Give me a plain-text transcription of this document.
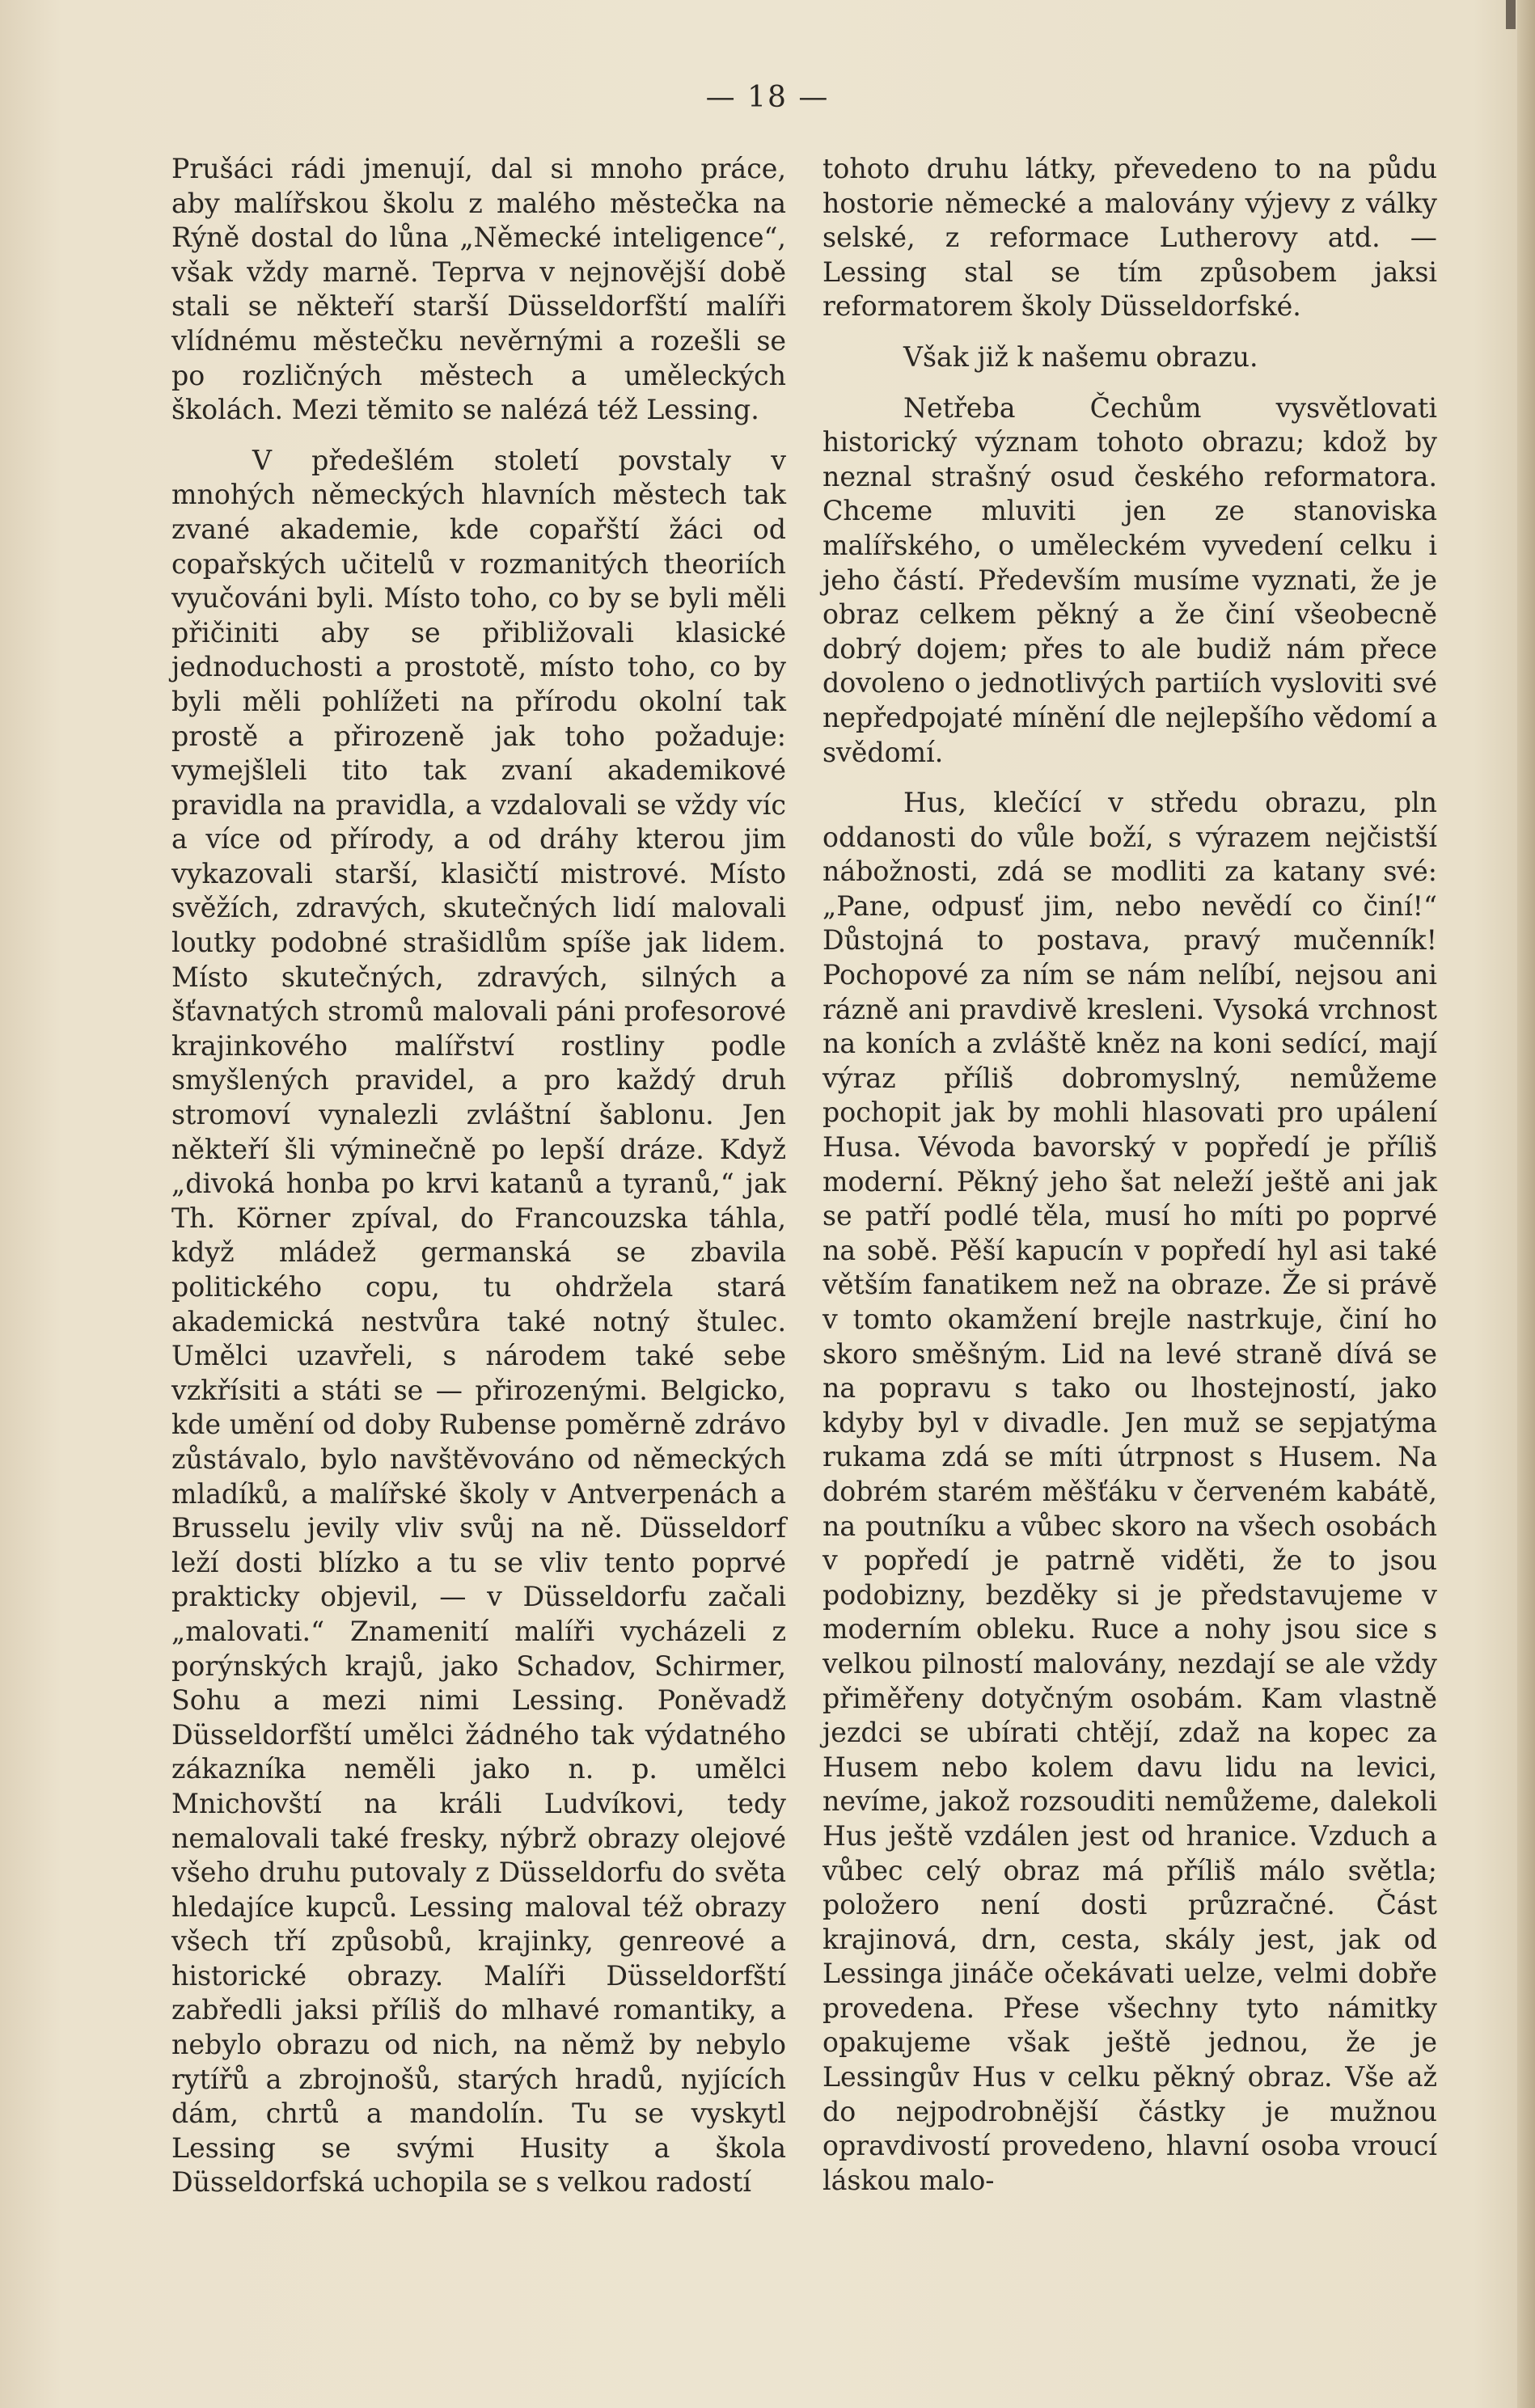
— 18 —

Prušáci rádi jmenují, dal si mnoho práce, aby malířskou školu z malého městečka na Rýně dostal do lůna „Německé inteligence“, však vždy marně. Teprva v nejnovější době stali se někteří starší Düsseldorfští malíři vlídnému městečku nevěrnými a rozešli se po rozličných městech a uměleckých školách. Mezi těmito se nalézá též Lessing.

V předešlém století povstaly v mnohých německých hlavních městech tak zvané akademie, kde copařští žáci od copařských učitelů v rozmanitých theoriích vyučováni byli. Místo toho, co by se byli měli přičiniti aby se přibližovali klasické jednoduchosti a prostotě, místo toho, co by byli měli pohlížeti na přírodu okolní tak prostě a přirozeně jak toho požaduje: vymejšleli tito tak zvaní akademikové pravidla na pravidla, a vzdalovali se vždy víc a více od přírody, a od dráhy kterou jim vykazovali starší, klasičtí mistrové. Místo svěžích, zdravých, skutečných lidí malovali loutky podobné strašidlům spíše jak lidem. Místo skutečných, zdravých, silných a šťavnatých stromů malovali páni profesorové krajinkového malířství rostliny podle smyšlených pravidel, a pro každý druh stromoví vynalezli zvláštní šablonu. Jen někteří šli výminečně po lepší dráze. Když „divoká honba po krvi katanů a tyranů,“ jak Th. Körner zpíval, do Francouzska táhla, když mládež germanská se zbavila politického copu, tu ohdržela stará akademická nestvůra také notný štulec. Umělci uzavřeli, s národem také sebe vzkřísiti a státi se — přirozenými. Belgicko, kde umění od doby Rubense poměrně zdrávo zůstávalo, bylo navštěvováno od německých mladíků, a malířské školy v Antverpenách a Brusselu jevily vliv svůj na ně. Düsseldorf leží dosti blízko a tu se vliv tento poprvé prakticky objevil, — v Düsseldorfu začali „malovati.“ Znamenití malíři vycházeli z porýnských krajů, jako Schadov, Schirmer, Sohu a mezi nimi Lessing. Poněvadž Düsseldorfští umělci žádného tak výdatného zákazníka neměli jako n. p. umělci Mnichovští na králi Ludvíkovi, tedy nemalovali také fresky, nýbrž obrazy olejové všeho druhu putovaly z Düsseldorfu do světa hledajíce kupců. Lessing maloval též obrazy všech tří způsobů, krajinky, genreové a historické obrazy. Malíři Düsseldorfští zabředli jaksi příliš do mlhavé romantiky, a nebylo obrazu od nich, na němž by nebylo rytířů a zbrojnošů, starých hradů, nyjících dám, chrtů a mandolín. Tu se vyskytl Lessing se svými Husity a škola Düsseldorfská uchopila se s velkou radostí

tohoto druhu látky, převedeno to na půdu hostorie německé a malovány výjevy z války selské, z reformace Lutherovy atd. — Lessing stal se tím způsobem jaksi reformatorem školy Düsseldorfské.

Však již k našemu obrazu.

Netřeba Čechům vysvětlovati historický význam tohoto obrazu; kdož by neznal strašný osud českého reformatora. Chceme mluviti jen ze stanoviska malířského, o uměleckém vyvedení celku i jeho částí. Především musíme vyznati, že je obraz celkem pěkný a že činí všeobecně dobrý dojem; přes to ale budiž nám přece dovoleno o jednotlivých partiích vysloviti své nepředpojaté mínění dle nejlepšího vědomí a svědomí.

Hus, klečící v středu obrazu, pln oddanosti do vůle boží, s výrazem nejčistší nábožnosti, zdá se modliti za katany své: „Pane, odpusť jim, nebo nevědí co činí!“ Důstojná to postava, pravý mučenník! Pochopové za ním se nám nelíbí, nejsou ani rázně ani pravdivě kresleni. Vysoká vrchnost na koních a zvláště kněz na koni sedící, mají výraz příliš dobromyslný, nemůžeme pochopit jak by mohli hlasovati pro upálení Husa. Vévoda bavorský v popředí je příliš moderní. Pěkný jeho šat neleží ještě ani jak se patří podlé těla, musí ho míti po poprvé na sobě. Pěší kapucín v popředí hyl asi také větším fanatikem než na obraze. Že si právě v tomto okamžení brejle nastrkuje, činí ho skoro směšným. Lid na levé straně dívá se na popravu s tako ou lhostejností, jako kdyby byl v divadle. Jen muž se sepjatýma rukama zdá se míti útrpnost s Husem. Na dobrém starém měšťáku v červeném kabátě, na poutníku a vůbec skoro na všech osobách v popředí je patrně viděti, že to jsou podobizny, bezděky si je představujeme v moderním obleku. Ruce a nohy jsou sice s velkou pilností malovány, nezdají se ale vždy přiměřeny dotyčným osobám. Kam vlastně jezdci se ubírati chtějí, zdaž na kopec za Husem nebo kolem davu lidu na levici, nevíme, jakož rozsouditi nemůžeme, dalekoli Hus ještě vzdálen jest od hranice. Vzduch a vůbec celý obraz má příliš málo světla; položero není dosti průzračné. Část krajinová, drn, cesta, skály jest, jak od Lessinga jináče očekávati uelze, velmi dobře provedena. Přese všechny tyto námitky opakujeme však ještě jednou, že je Lessingův Hus v celku pěkný obraz. Vše až do nejpodrobnější částky je mužnou opravdivostí provedeno, hlavní osoba vroucí láskou malo-
